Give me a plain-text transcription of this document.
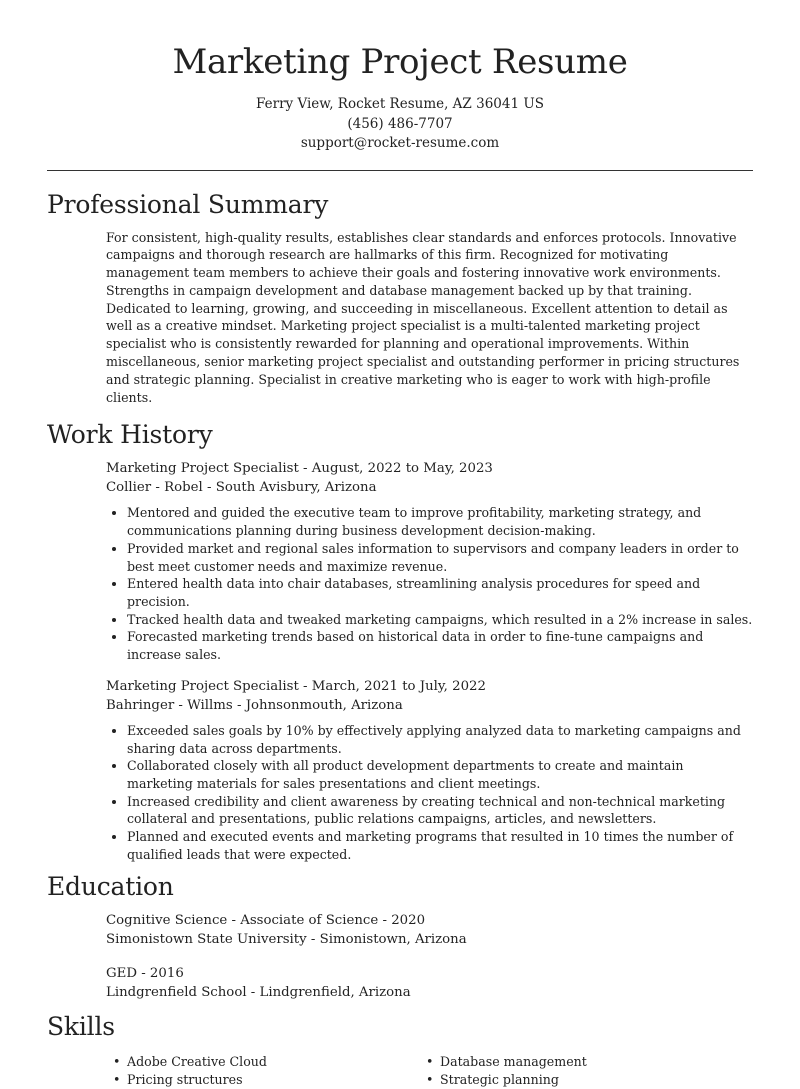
Marketing Project Resume
Ferry View, Rocket Resume, AZ 36041 US
(456) 486-7707
support@rocket-resume.com
Professional Summary

For consistent, high-quality results, establishes clear standards and enforces protocols. Innovative campaigns and thorough research are hallmarks of this firm. Recognized for motivating management team members to achieve their goals and fostering innovative work environments. Strengths in campaign development and database management backed up by that training. Dedicated to learning, growing, and succeeding in miscellaneous. Excellent attention to detail as well as a creative mindset. Marketing project specialist is a multi-talented marketing project specialist who is consistently rewarded for planning and operational improvements. Within miscellaneous, senior marketing project specialist and outstanding performer in pricing structures and strategic planning. Specialist in creative marketing who is eager to work with high-profile clients.

Work History

Marketing Project Specialist - August, 2022 to May, 2023

Collier - Robel - South Avisbury, Arizona

• Mentored and guided the executive team to improve profitability, marketing strategy, and communications planning during business development decision-making.
• Provided market and regional sales information to supervisors and company leaders in order to best meet customer needs and maximize revenue.
• Entered health data into chair databases, streamlining analysis procedures for speed and precision.
• Tracked health data and tweaked marketing campaigns, which resulted in a 2% increase in sales.
• Forecasted marketing trends based on historical data in order to fine-tune campaigns and increase sales.

Marketing Project Specialist - March, 2021 to July, 2022

Bahringer - Willms - Johnsonmouth, Arizona

• Exceeded sales goals by 10% by effectively applying analyzed data to marketing campaigns and sharing data across departments.
• Collaborated closely with all product development departments to create and maintain marketing materials for sales presentations and client meetings.
• Increased credibility and client awareness by creating technical and non-technical marketing collateral and presentations, public relations campaigns, articles, and newsletters.
• Planned and executed events and marketing programs that resulted in 10 times the number of qualified leads that were expected.
Education

Cognitive Science - Associate of Science - 2020

Simonistown State University - Simonistown, Arizona

GED - 2016

Lindgrenfield School - Lindgrenfield, Arizona

Skills
• Adobe Creative Cloud
• Pricing structures
• Database management
• Strategic planning
